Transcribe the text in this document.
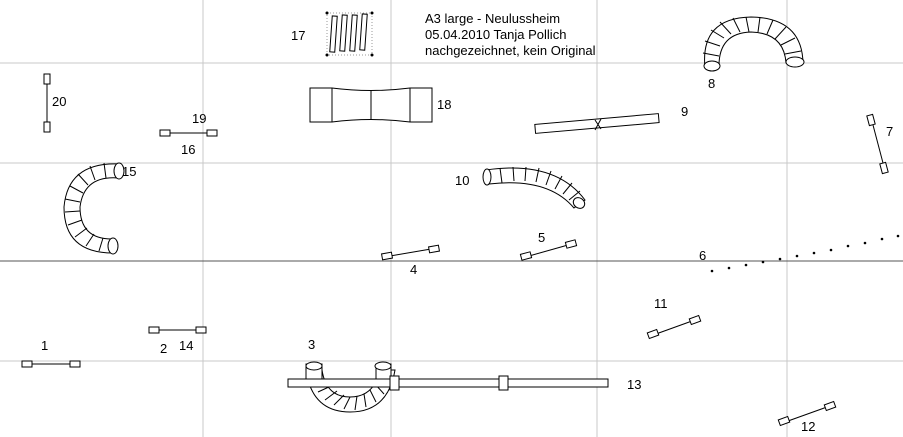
A3 large - Neulussheim
05.04.2010 Tanja Pollich
nachgezeichnet, kein Original
1	2 14	3
13
4
5
6
7
8
9
10
11
12
15
16
19
17
18
20
